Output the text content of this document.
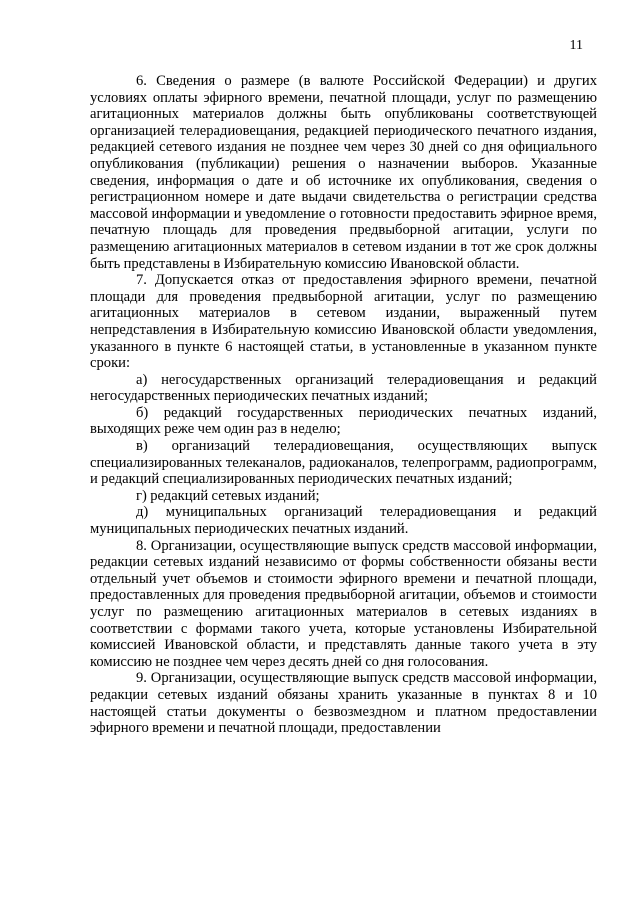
11

6. Сведения о размере (в валюте Российской Федерации) и других условиях оплаты эфирного времени, печатной площади, услуг по размещению агитационных материалов должны быть опубликованы соответствующей организацией телерадиовещания, редакцией периодического печатного издания, редакцией сетевого издания не позднее чем через 30 дней со дня официального опубликования (публикации) решения о назначении выборов. Указанные сведения, информация о дате и об источнике их опубликования, сведения о регистрационном номере и дате выдачи свидетельства о регистрации средства массовой информации и уведомление о готовности предоставить эфирное время, печатную площадь для проведения предвыборной агитации, услуги по размещению агитационных материалов в сетевом издании в тот же срок должны быть представлены в Избирательную комиссию Ивановской области.

7. Допускается отказ от предоставления эфирного времени, печатной площади для проведения предвыборной агитации, услуг по размещению агитационных материалов в сетевом издании, выраженный путем непредставления в Избирательную комиссию Ивановской области уведомления, указанного в пункте 6 настоящей статьи, в установленные в указанном пункте сроки:

а) негосударственных организаций телерадиовещания и редакций негосударственных периодических печатных изданий;

б) редакций государственных периодических печатных изданий, выходящих реже чем один раз в неделю;

в) организаций телерадиовещания, осуществляющих выпуск специализированных телеканалов, радиоканалов, телепрограмм, радиопрограмм, и редакций специализированных периодических печатных изданий;

г) редакций сетевых изданий;

д) муниципальных организаций телерадиовещания и редакций муниципальных периодических печатных изданий.

8. Организации, осуществляющие выпуск средств массовой информации, редакции сетевых изданий независимо от формы собственности обязаны вести отдельный учет объемов и стоимости эфирного времени и печатной площади, предоставленных для проведения предвыборной агитации, объемов и стоимости услуг по размещению агитационных материалов в сетевых изданиях в соответствии с формами такого учета, которые установлены Избирательной комиссией Ивановской области, и представлять данные такого учета в эту комиссию не позднее чем через десять дней со дня голосования.

9. Организации, осуществляющие выпуск средств массовой информации, редакции сетевых изданий обязаны хранить указанные в пунктах 8 и 10 настоящей статьи документы о безвозмездном и платном предоставлении эфирного времени и печатной площади, предоставлении
